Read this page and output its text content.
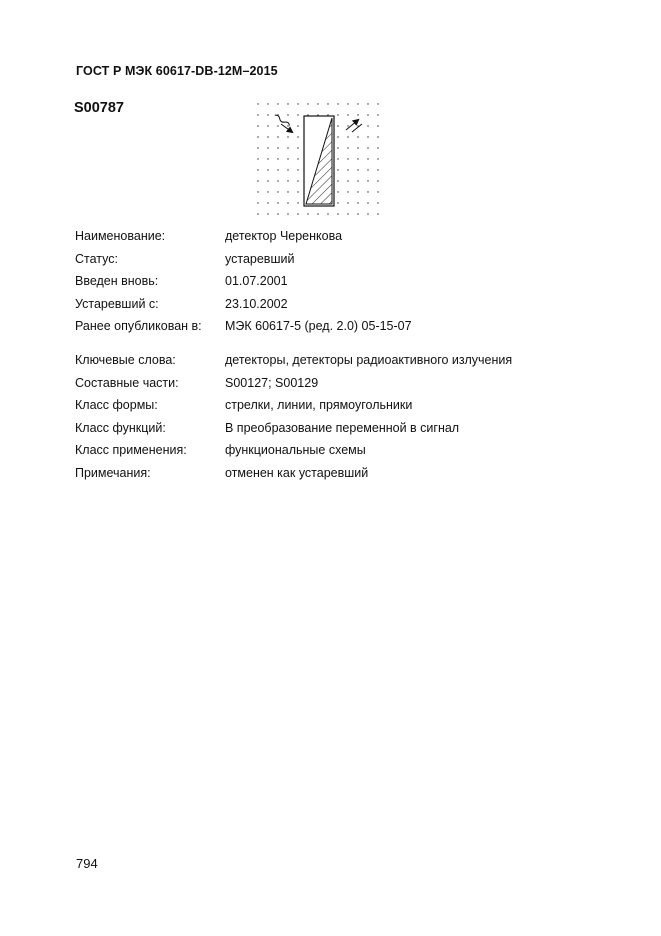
ГОСТ Р МЭК 60617-DB-12M–2015
S00787
Наименование:	детектор Черенкова
Статус:	устаревший
Введен вновь:	01.07.2001
Устаревший с:	23.10.2002
Ранее опубликован в: МЭК 60617-5 (ред. 2.0) 05-15-07
Ключевые слова:	детекторы, детекторы радиоактивного излучения
Составные части:	S00127; S00129
Класс формы:	стрелки, линии, прямоугольники
Класс функций:	В преобразование переменной в сигнал
Класс применения:	функциональные схемы
Примечания:	отменен как устаревший
794
